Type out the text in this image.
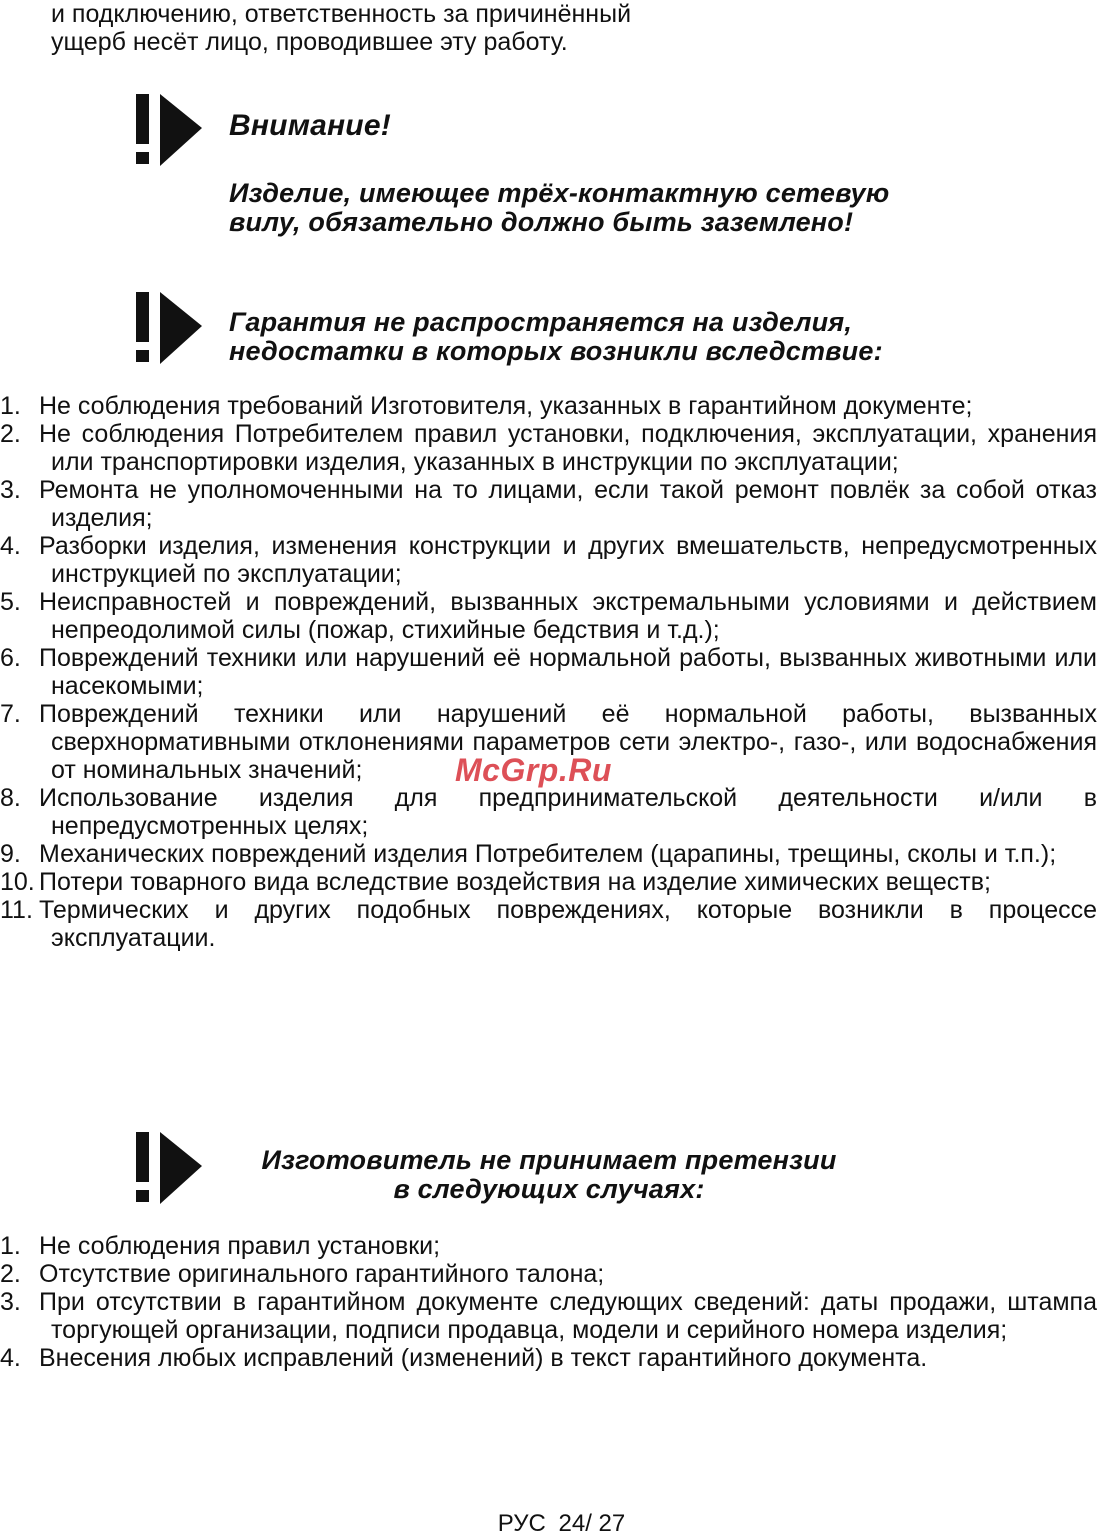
и подключению, ответственность за причинённый
ущерб несёт лицо, проводившее эту работу.
Внимание!
Изделие, имеющее трёх-контактную сетевую
вилу, обязательно должно быть заземлено!
Гарантия не распространяется на изделия,
недостатки в которых возникли вследствие:
1. Не соблюдения требований Изготовителя, указанных в гарантийном документе;
2. Не соблюдения Потребителем правил установки, подключения, эксплуатации, хранения или транспортировки изделия, указанных в инструкции по эксплуатации;
3. Ремонта не уполномоченными на то лицами, если такой ремонт повлёк за собой отказ изделия;
4. Разборки изделия, изменения конструкции и других вмешательств, непредусмотренных инструкцией по эксплуатации;
5. Неисправностей и повреждений, вызванных экстремальными условиями и действием непреодолимой силы (пожар, стихийные бедствия и т.д.);
6. Повреждений техники или нарушений её нормальной работы, вызванных животными или насекомыми;
7. Повреждений техники или нарушений её нормальной работы, вызванных сверхнормативными отклонениями параметров сети электро-, газо-, или водоснабжения от номинальных значений;
8. Использование изделия для предпринимательской деятельности и/или в непредусмотренных целях;
9. Механических повреждений изделия Потребителем (царапины, трещины, сколы и т.п.);
10. Потери товарного вида вследствие воздействия на изделие химических веществ;
11. Термических и других подобных повреждениях, которые возникли в процессе эксплуатации.
McGrp.Ru
Изготовитель не принимает претензии
в следующих случаях:
1. Не соблюдения правил установки;
2. Отсутствие оригинального гарантийного талона;
3. При отсутствии в гарантийном документе следующих сведений: даты продажи, штампа торгующей организации, подписи продавца, модели и серийного номера изделия;
4. Внесения любых исправлений (изменений) в текст гарантийного документа.
РУС 24/ 27
